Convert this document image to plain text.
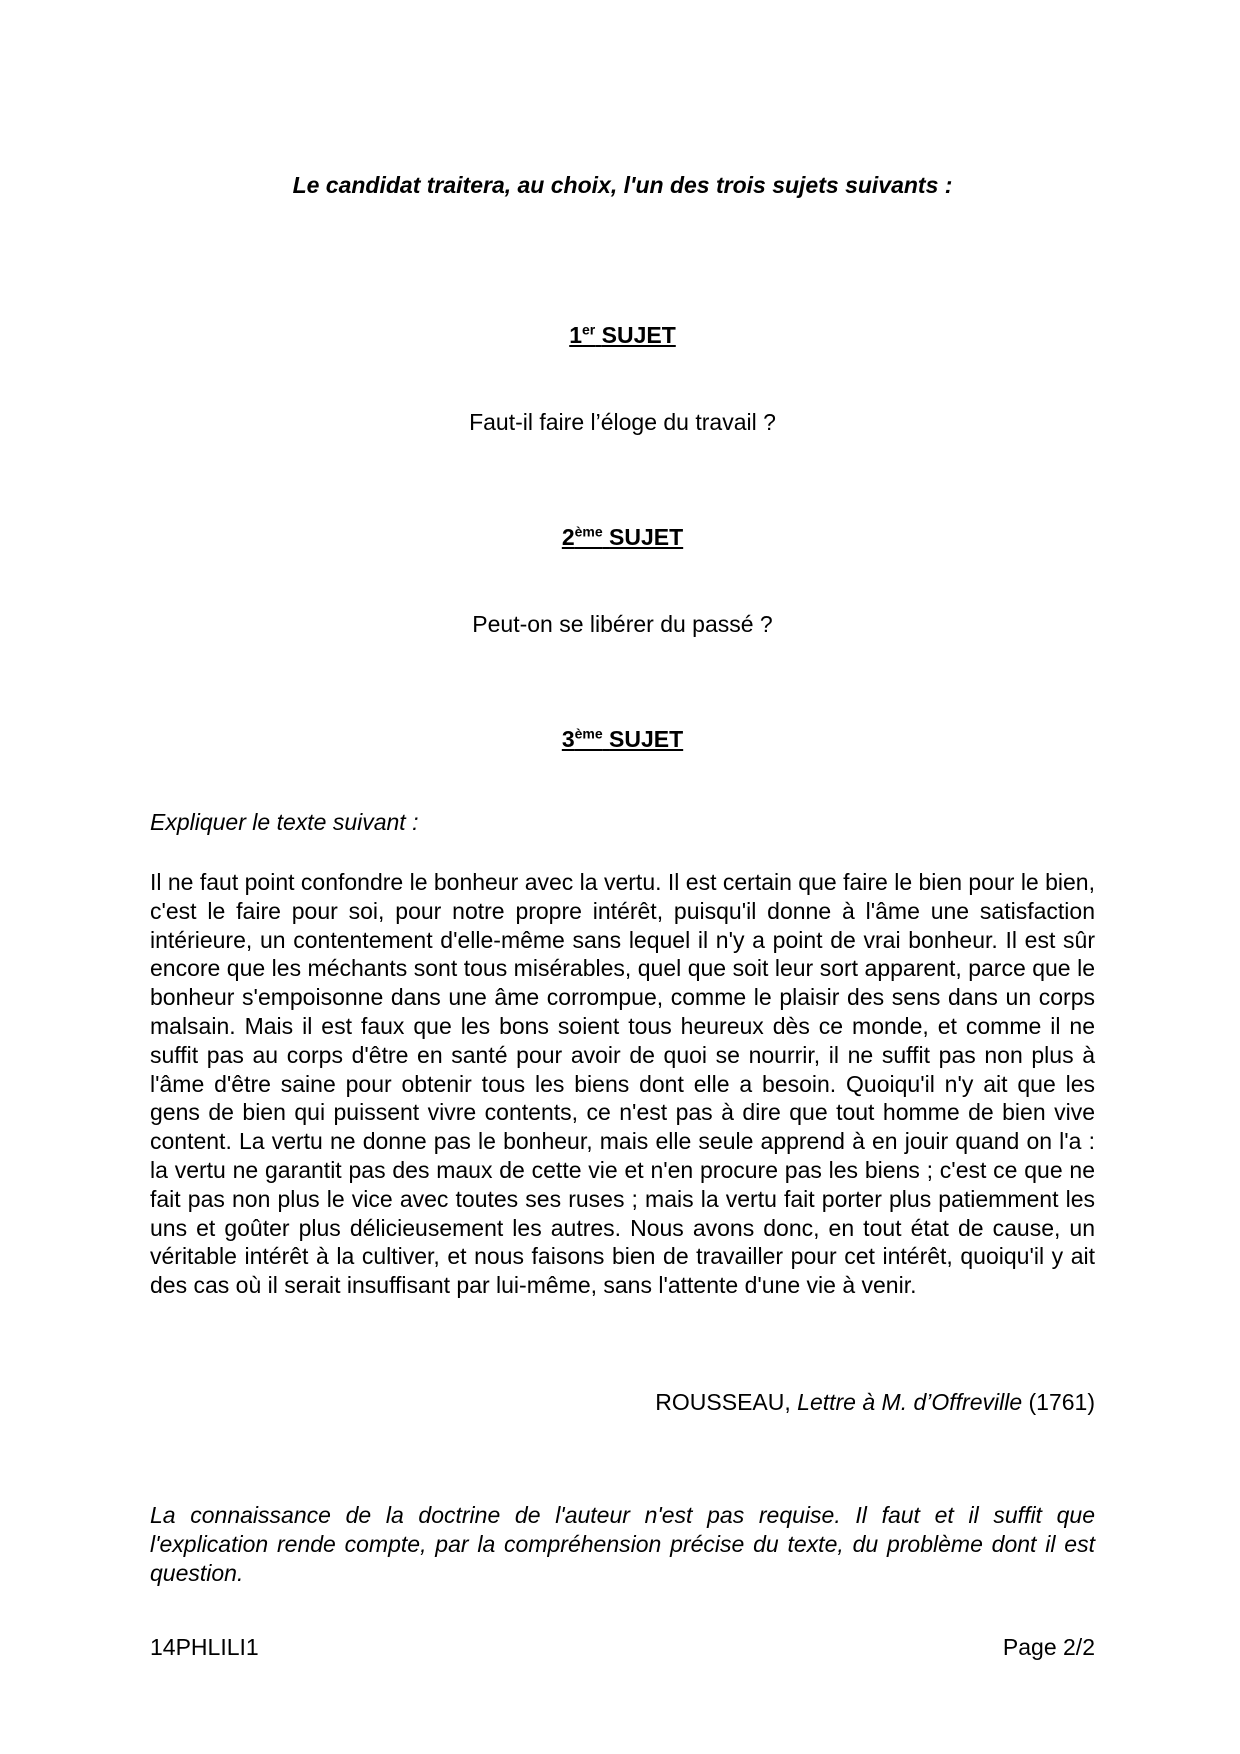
Le candidat traitera, au choix, l'un des trois sujets suivants :
1er SUJET
Faut-il faire l’éloge du travail ?
2ème SUJET
Peut-on se libérer du passé ?
3ème SUJET
Expliquer le texte suivant :

Il ne faut point confondre le bonheur avec la vertu. Il est certain que faire le bien pour le bien, c'est le faire pour soi, pour notre propre intérêt, puisqu'il donne à l'âme une satisfaction intérieure, un contentement d'elle-même sans lequel il n'y a point de vrai bonheur. Il est sûr encore que les méchants sont tous misérables, quel que soit leur sort apparent, parce que le bonheur s'empoisonne dans une âme corrompue, comme le plaisir des sens dans un corps malsain. Mais il est faux que les bons soient tous heureux dès ce monde, et comme il ne suffit pas au corps d'être en santé pour avoir de quoi se nourrir, il ne suffit pas non plus à l'âme d'être saine pour obtenir tous les biens dont elle a besoin. Quoiqu'il n'y ait que les gens de bien qui puissent vivre contents, ce n'est pas à dire que tout homme de bien vive content. La vertu ne donne pas le bonheur, mais elle seule apprend à en jouir quand on l'a : la vertu ne garantit pas des maux de cette vie et n'en procure pas les biens ; c'est ce que ne fait pas non plus le vice avec toutes ses ruses ; mais la vertu fait porter plus patiemment les uns et goûter plus délicieusement les autres. Nous avons donc, en tout état de cause, un véritable intérêt à la cultiver, et nous faisons bien de travailler pour cet intérêt, quoiqu'il y ait des cas où il serait insuffisant par lui-même, sans l'attente d'une vie à venir.

ROUSSEAU, Lettre à M. d’Offreville (1761)

La connaissance de la doctrine de l'auteur n'est pas requise. Il faut et il suffit que l'explication rende compte, par la compréhension précise du texte, du problème dont il est question.

14PHLILI1	Page 2/2
